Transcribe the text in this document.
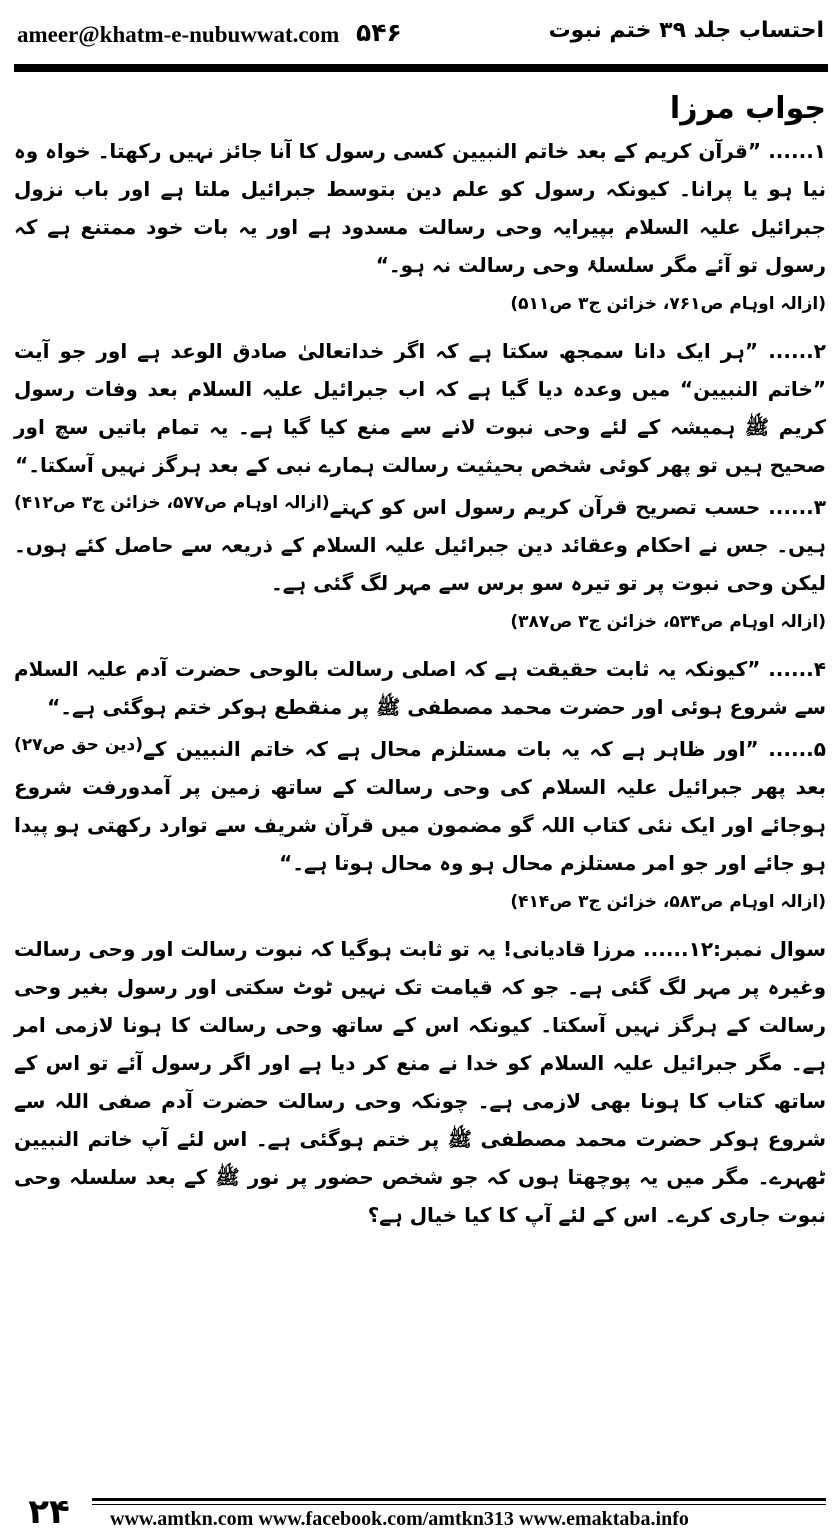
ameer@khatm-e-nubuwwat.com ۵۴۶	احتساب جلد ۳۹ ختم نبوت
جواب مرزا
۱...... ”قرآن کریم کے بعد خاتم النبیین کسی رسول کا آنا جائز نہیں رکھتا۔ خواہ وہ نیا ہو یا پرانا۔ کیونکہ رسول کو علم دین بتوسط جبرائیل ملتا ہے اور باب نزول جبرائیل علیہ السلام بپیرایہ وحی رسالت مسدود ہے اور یہ بات خود ممتنع ہے کہ رسول تو آئے مگر سلسلۂ وحی رسالت نہ ہو۔“
(ازالہ اوہام ص۷۶۱، خزائن ج۳ ص۵۱۱)
۲...... ”ہر ایک دانا سمجھ سکتا ہے کہ اگر خداتعالیٰ صادق الوعد ہے اور جو آیت ”خاتم النبیین“ میں وعدہ دیا گیا ہے کہ اب جبرائیل علیہ السلام بعد وفات رسول کریم ﷺ ہمیشہ کے لئے وحی نبوت لانے سے منع کیا گیا ہے۔ یہ تمام باتیں سچ اور صحیح ہیں تو پھر کوئی شخص بحیثیت رسالت ہمارے نبی کے بعد ہرگز نہیں آسکتا۔“
(ازالہ اوہام ص۵۷۷، خزائن ج۳ ص۴۱۲)	۳...... حسب تصریح قرآن کریم رسول اس کو کہتے ہیں۔ جس نے احکام وعقائد دین جبرائیل علیہ السلام کے ذریعہ سے حاصل کئے ہوں۔ لیکن وحی نبوت پر تو تیرہ سو برس سے مہر لگ گئی ہے۔
(ازالہ اوہام ص۵۳۴، خزائن ج۳ ص۳۸۷)
۴...... ”کیونکہ یہ ثابت حقیقت ہے کہ اصلی رسالت بالوحی حضرت آدم علیہ السلام سے شروع ہوئی اور حضرت محمد مصطفی ﷺ پر منقطع ہوکر ختم ہوگئی ہے۔“
(دین حق ص۲۷)	۵...... ”اور ظاہر ہے کہ یہ بات مستلزم محال ہے کہ خاتم النبیین کے بعد پھر جبرائیل علیہ السلام کی وحی رسالت کے ساتھ زمین پر آمدورفت شروع ہوجائے اور ایک نئی کتاب اللہ گو مضمون میں قرآن شریف سے توارد رکھتی ہو پیدا ہو جائے اور جو امر مستلزم محال ہو وہ محال ہوتا ہے۔“
(ازالہ اوہام ص۵۸۳، خزائن ج۳ ص۴۱۴)
سوال نمبر:۱۲...... مرزا قادیانی! یہ تو ثابت ہوگیا کہ نبوت رسالت اور وحی رسالت وغیرہ پر مہر لگ گئی ہے۔ جو کہ قیامت تک نہیں ٹوٹ سکتی اور رسول بغیر وحی رسالت کے ہرگز نہیں آسکتا۔ کیونکہ اس کے ساتھ وحی رسالت کا ہونا لازمی امر ہے۔ مگر جبرائیل علیہ السلام کو خدا نے منع کر دیا ہے اور اگر رسول آئے تو اس کے ساتھ کتاب کا ہونا بھی لازمی ہے۔ چونکہ وحی رسالت حضرت آدم صفی اللہ سے شروع ہوکر حضرت محمد مصطفی ﷺ پر ختم ہوگئی ہے۔ اس لئے آپ خاتم النبیین ٹھہرے۔ مگر میں یہ پوچھتا ہوں کہ جو شخص حضور پر نور ﷺ کے بعد سلسلہ وحی نبوت جاری کرے۔ اس کے لئے آپ کا کیا خیال ہے؟
۲۴	www.amtkn.com www.facebook.com/amtkn313 www.emaktaba.info
